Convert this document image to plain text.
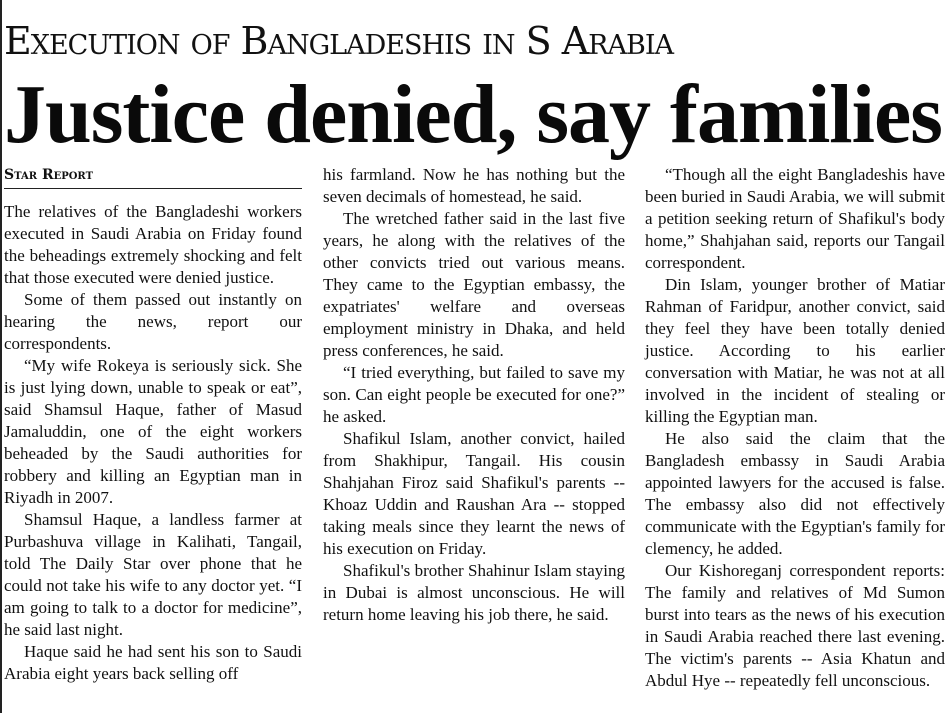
Execution of Bangladeshis in S Arabia
Justice denied, say families
Star Report

The relatives of the Bangladeshi workers executed in Saudi Arabia on Friday found the beheadings extremely shocking and felt that those executed were denied justice.

Some of them passed out instantly on hearing the news, report our correspondents.

“My wife Rokeya is seriously sick. She is just lying down, unable to speak or eat”, said Shamsul Haque, father of Masud Jamaluddin, one of the eight workers beheaded by the Saudi authorities for robbery and killing an Egyptian man in Riyadh in 2007.

Shamsul Haque, a landless farmer at Purbashuva village in Kalihati, Tangail, told The Daily Star over phone that he could not take his wife to any doctor yet. “I am going to talk to a doctor for medicine”, he said last night.

Haque said he had sent his son to Saudi Arabia eight years back selling off

his farmland. Now he has nothing but the seven decimals of homestead, he said.

The wretched father said in the last five years, he along with the relatives of the other convicts tried out various means. They came to the Egyptian embassy, the expatriates' welfare and overseas employment ministry in Dhaka, and held press conferences, he said.

“I tried everything, but failed to save my son. Can eight people be executed for one?” he asked.

Shafikul Islam, another convict, hailed from Shakhipur, Tangail. His cousin Shahjahan Firoz said Shafikul's parents -- Khoaz Uddin and Raushan Ara -- stopped taking meals since they learnt the news of his execution on Friday.

Shafikul's brother Shahinur Islam staying in Dubai is almost unconscious. He will return home leaving his job there, he said.

“Though all the eight Bangladeshis have been buried in Saudi Arabia, we will submit a petition seeking return of Shafikul's body home,” Shahjahan said, reports our Tangail correspondent.

Din Islam, younger brother of Matiar Rahman of Faridpur, another convict, said they feel they have been totally denied justice. According to his earlier conversation with Matiar, he was not at all involved in the incident of stealing or killing the Egyptian man.

He also said the claim that the Bangladesh embassy in Saudi Arabia appointed lawyers for the accused is false. The embassy also did not effectively communicate with the Egyptian's family for clemency, he added.

Our Kishoreganj correspondent reports: The family and relatives of Md Sumon burst into tears as the news of his execution in Saudi Arabia reached there last evening. The victim's parents -- Asia Khatun and Abdul Hye -- repeatedly fell unconscious.
